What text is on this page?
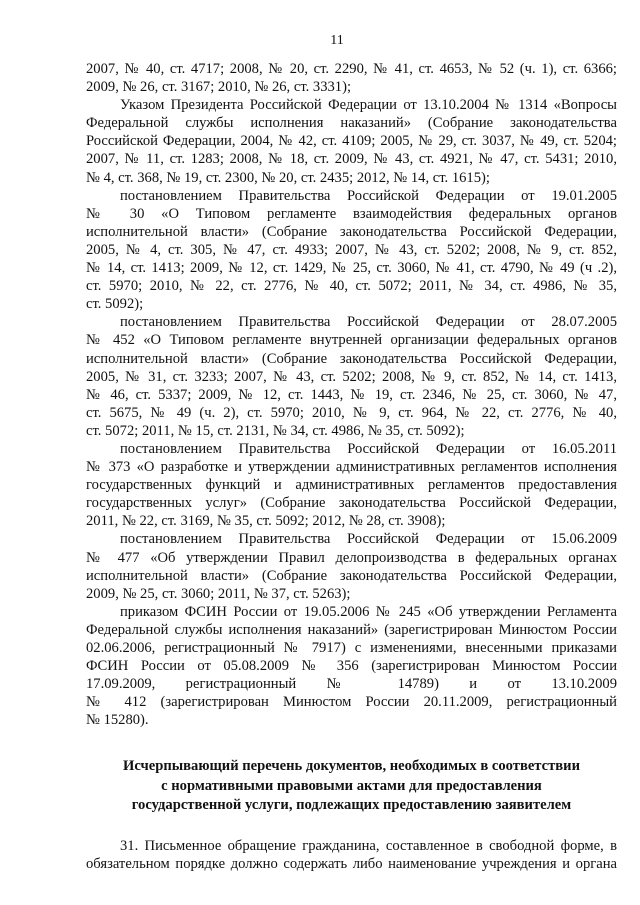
11
2007, № 40, ст. 4717; 2008, № 20, ст. 2290, № 41, ст. 4653, № 52 (ч. 1), ст. 6366;
2009, № 26, ст. 3167; 2010, № 26, ст. 3331);
Указом Президента Российской Федерации от 13.10.2004 № 1314 «Вопросы
Федеральной службы исполнения наказаний» (Собрание законодательства
Российской Федерации, 2004, № 42, ст. 4109; 2005, № 29, ст. 3037, № 49, ст. 5204;
2007, № 11, ст. 1283; 2008, № 18, ст. 2009, № 43, ст. 4921, № 47, ст. 5431; 2010,
№ 4, ст. 368, № 19, ст. 2300, № 20, ст. 2435; 2012, № 14, ст. 1615);
постановлением Правительства Российской Федерации от 19.01.2005
№ 30 «О Типовом регламенте взаимодействия федеральных органов
исполнительной власти» (Собрание законодательства Российской Федерации,
2005, № 4, ст. 305, № 47, ст. 4933; 2007, № 43, ст. 5202; 2008, № 9, ст. 852,
№ 14, ст. 1413; 2009, № 12, ст. 1429, № 25, ст. 3060, № 41, ст. 4790, № 49 (ч .2),
ст. 5970; 2010, № 22, ст. 2776, № 40, ст. 5072; 2011, № 34, ст. 4986, № 35,
ст. 5092);
постановлением Правительства Российской Федерации от 28.07.2005
№ 452 «О Типовом регламенте внутренней организации федеральных органов
исполнительной власти» (Собрание законодательства Российской Федерации,
2005, № 31, ст. 3233; 2007, № 43, ст. 5202; 2008, № 9, ст. 852, № 14, ст. 1413,
№ 46, ст. 5337; 2009, № 12, ст. 1443, № 19, ст. 2346, № 25, ст. 3060, № 47,
ст. 5675, № 49 (ч. 2), ст. 5970; 2010, № 9, ст. 964, № 22, ст. 2776, № 40,
ст. 5072; 2011, № 15, ст. 2131, № 34, ст. 4986, № 35, ст. 5092);
постановлением Правительства Российской Федерации от 16.05.2011
№ 373 «О разработке и утверждении административных регламентов исполнения
государственных функций и административных регламентов предоставления
государственных услуг» (Собрание законодательства Российской Федерации,
2011, № 22, ст. 3169, № 35, ст. 5092; 2012, № 28, ст. 3908);
постановлением Правительства Российской Федерации от 15.06.2009
№ 477 «Об утверждении Правил делопроизводства в федеральных органах
исполнительной власти» (Собрание законодательства Российской Федерации,
2009, № 25, ст. 3060; 2011, № 37, ст. 5263);
приказом ФСИН России от 19.05.2006 № 245 «Об утверждении Регламента
Федеральной службы исполнения наказаний» (зарегистрирован Минюстом России
02.06.2006, регистрационный № 7917) с изменениями, внесенными приказами
ФСИН России от 05.08.2009 № 356 (зарегистрирован Минюстом России
17.09.2009, регистрационный № 14789) и от 13.10.2009
№ 412 (зарегистрирован Минюстом России 20.11.2009, регистрационный
№ 15280).
Исчерпывающий перечень документов, необходимых в соответствии
с нормативными правовыми актами для предоставления
государственной услуги, подлежащих предоставлению заявителем
31. Письменное обращение гражданина, составленное в свободной форме, в
обязательном порядке должно содержать либо наименование учреждения и органа
